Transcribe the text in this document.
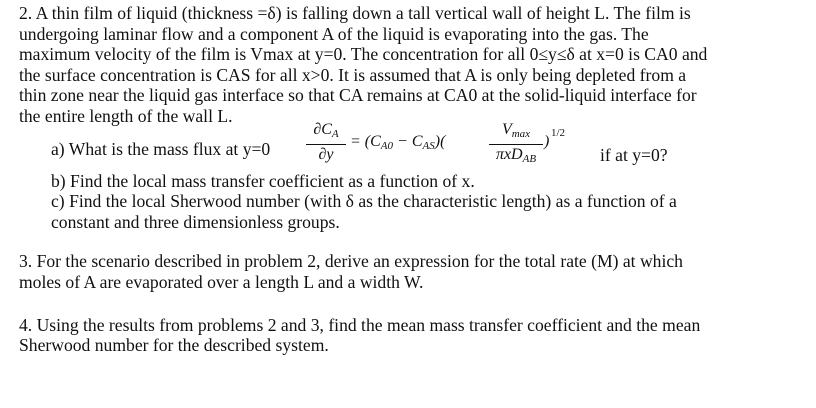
2. A thin film of liquid (thickness =δ) is falling down a tall vertical wall of height L. The film is
undergoing laminar flow and a component A of the liquid is evaporating into the gas. The
maximum velocity of the film is Vmax at y=0. The concentration for all 0≤y≤δ at x=0 is CA0 and
the surface concentration is CAS for all x>0. It is assumed that A is only being depleted from a
thin zone near the liquid gas interface so that CA remains at CA0 at the solid-liquid interface for
the entire length of the wall L.
a) What is the mass flux at y=0
$\partial C_A$
∂y
= $(C_{A0} - C_{AS})$(
$V_{max}$
πxD$_{AB}$
) 1/2
if at y=0?
b) Find the local mass transfer coefficient as a function of x.
c) Find the local Sherwood number (with δ as the characteristic length) as a function of a
constant and three dimensionless groups.
3. For the scenario described in problem 2, derive an expression for the total rate (M) at which
moles of A are evaporated over a length L and a width W.
4. Using the results from problems 2 and 3, find the mean mass transfer coefficient and the mean
Sherwood number for the described system.
